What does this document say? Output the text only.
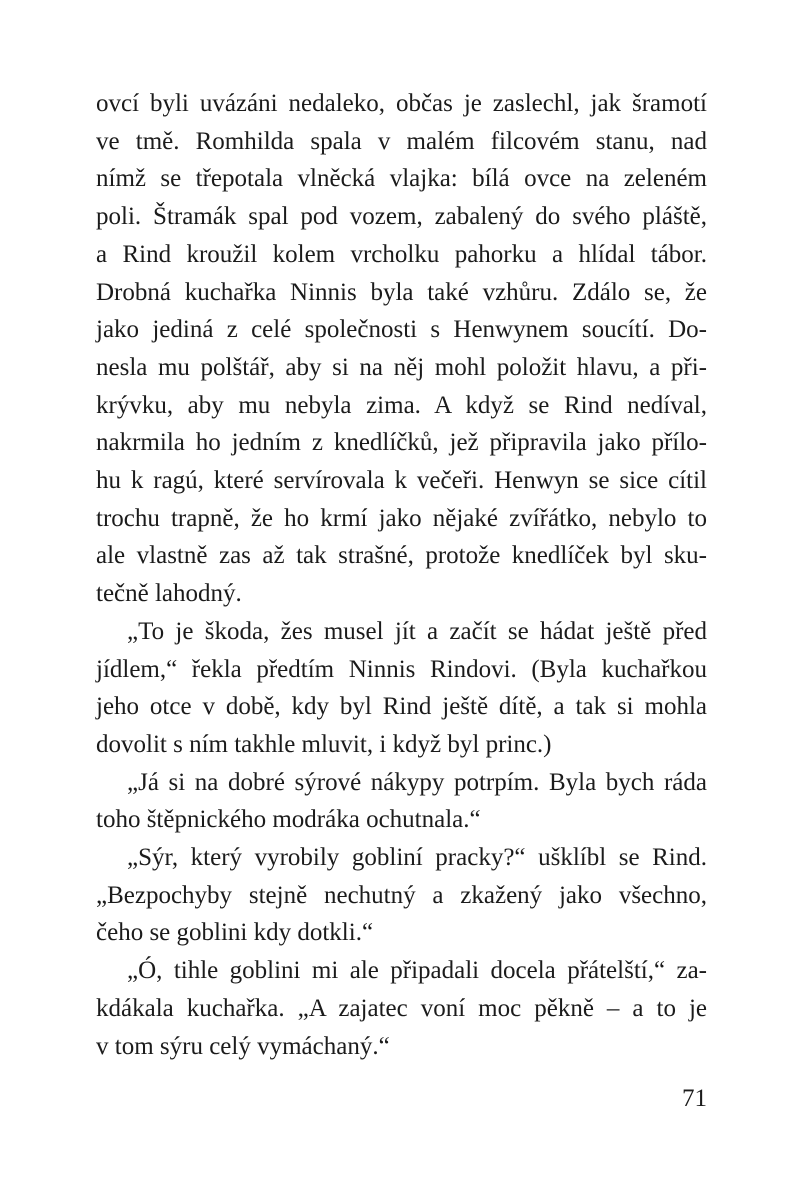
ovcí byli uvázáni nedaleko, občas je zaslechl, jak šramotí
ve tmě. Romhilda spala v malém filcovém stanu, nad
nímž se třepotala vlněcká vlajka: bílá ovce na zeleném
poli. Štramák spal pod vozem, zabalený do svého pláště,
a Rind kroužil kolem vrcholku pahorku a hlídal tábor.
Drobná kuchařka Ninnis byla také vzhůru. Zdálo se, že
jako jediná z celé společnosti s Henwynem soucítí. Do-
nesla mu polštář, aby si na něj mohl položit hlavu, a při-
krývku, aby mu nebyla zima. A když se Rind nedíval,
nakrmila ho jedním z knedlíčků, jež připravila jako přílo-
hu k ragú, které servírovala k večeři. Henwyn se sice cítil
trochu trapně, že ho krmí jako nějaké zvířátko, nebylo to
ale vlastně zas až tak strašné, protože knedlíček byl sku-
tečně lahodný.
„To je škoda, žes musel jít a začít se hádat ještě před
jídlem,“ řekla předtím Ninnis Rindovi. (Byla kuchařkou
jeho otce v době, kdy byl Rind ještě dítě, a tak si mohla
dovolit s ním takhle mluvit, i když byl princ.)
„Já si na dobré sýrové nákypy potrpím. Byla bych ráda
toho štěpnického modráka ochutnala.“
„Sýr, který vyrobily gobliní pracky?“ ušklíbl se Rind.
„Bezpochyby stejně nechutný a zkažený jako všechno,
čeho se goblini kdy dotkli.“
„Ó, tihle goblini mi ale připadali docela přátelští,“ za-
kdákala kuchařka. „A zajatec voní moc pěkně – a to je
v tom sýru celý vymáchaný.“
71
